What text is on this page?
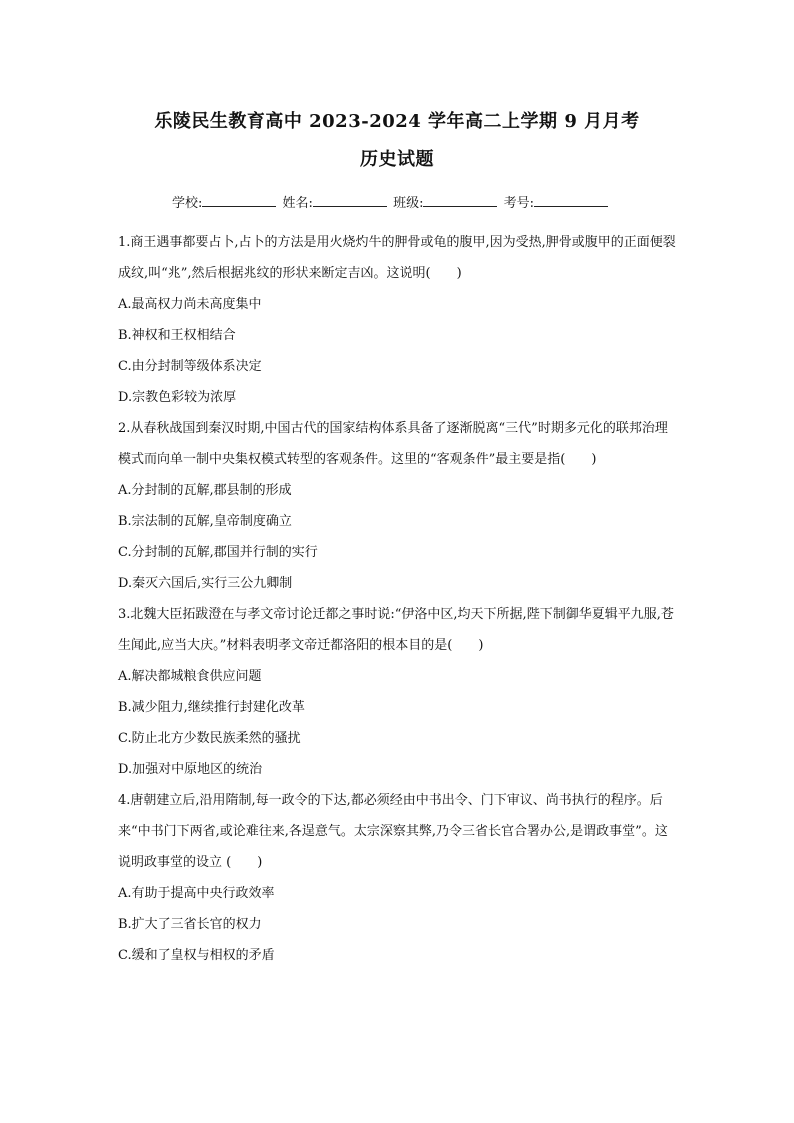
乐陵民生教育高中 2023-2024 学年高二上学期 9 月月考
历史试题
学校:	姓名:	班级:	考号:

1.商王遇事都要占卜,占卜的方法是用火烧灼牛的胛骨或龟的腹甲,因为受热,胛骨或腹甲的正面便裂成纹,叫“兆”,然后根据兆纹的形状来断定吉凶。这说明(　　)

A.最高权力尚未高度集中

B.神权和王权相结合

C.由分封制等级体系决定

D.宗教色彩较为浓厚

2.从春秋战国到秦汉时期,中国古代的国家结构体系具备了逐渐脱离“三代”时期多元化的联邦治理模式而向单一制中央集权模式转型的客观条件。这里的“客观条件”最主要是指(　　)

A.分封制的瓦解,郡县制的形成

B.宗法制的瓦解,皇帝制度确立

C.分封制的瓦解,郡国并行制的实行

D.秦灭六国后,实行三公九卿制

3.北魏大臣拓跋澄在与孝文帝讨论迁都之事时说:“伊洛中区,均天下所据,陛下制御华夏辑平九服,苍生闻此,应当大庆。”材料表明孝文帝迁都洛阳的根本目的是(　　)

A.解决都城粮食供应问题

B.减少阻力,继续推行封建化改革

C.防止北方少数民族柔然的骚扰

D.加强对中原地区的统治

4.唐朝建立后,沿用隋制,每一政令的下达,都必须经由中书出令、门下审议、尚书执行的程序。后来“中书门下两省,或论难往来,各逞意气。太宗深察其弊,乃令三省长官合署办公,是谓政事堂”。这说明政事堂的设立 (　　)

A.有助于提高中央行政效率

B.扩大了三省长官的权力

C.缓和了皇权与相权的矛盾
